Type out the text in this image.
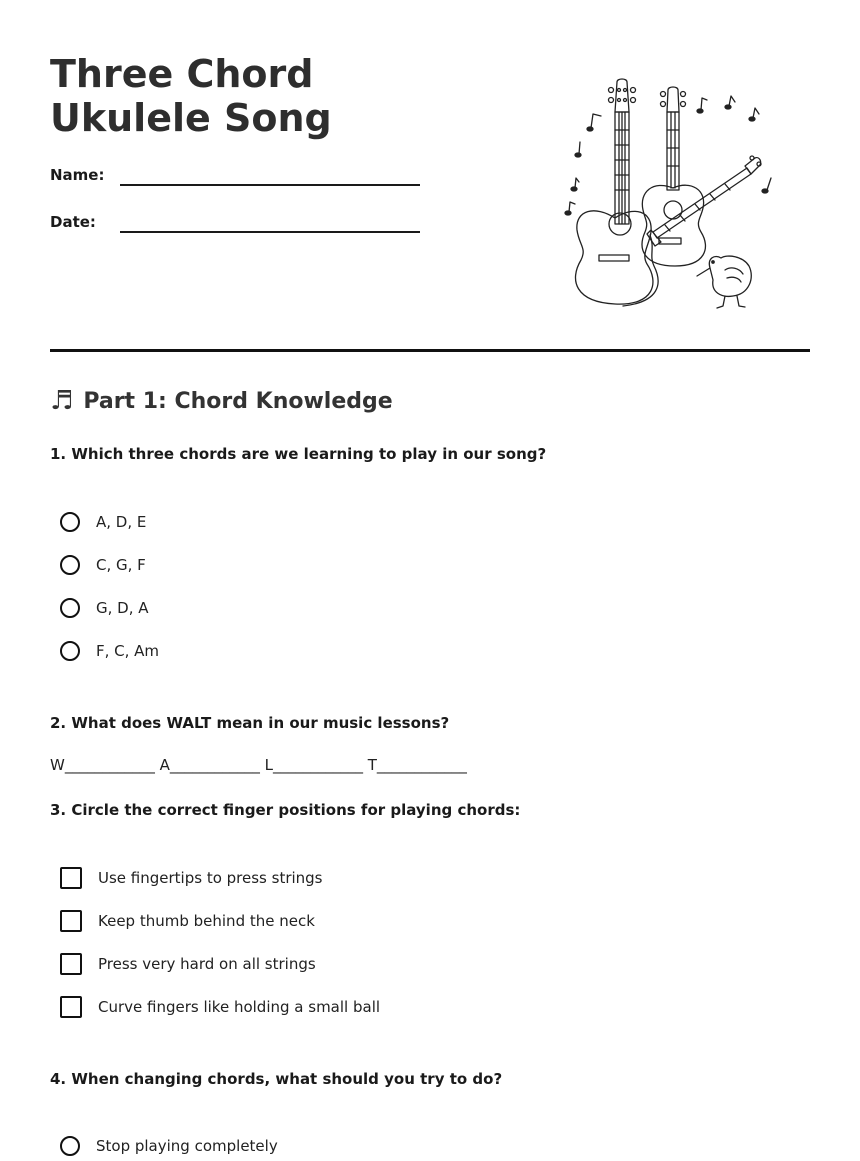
Three Chord Ukulele Song
Name:
Date:
♬ Part 1: Chord Knowledge
1. Which three chords are we learning to play in our song?
A, D, E
C, G, F
G, D, A
F, C, Am
2. What does WALT mean in our music lessons?
W____________ A____________ L____________ T____________
3. Circle the correct finger positions for playing chords:
Use fingertips to press strings
Keep thumb behind the neck
Press very hard on all strings
Curve fingers like holding a small ball
4. When changing chords, what should you try to do?
Stop playing completely
